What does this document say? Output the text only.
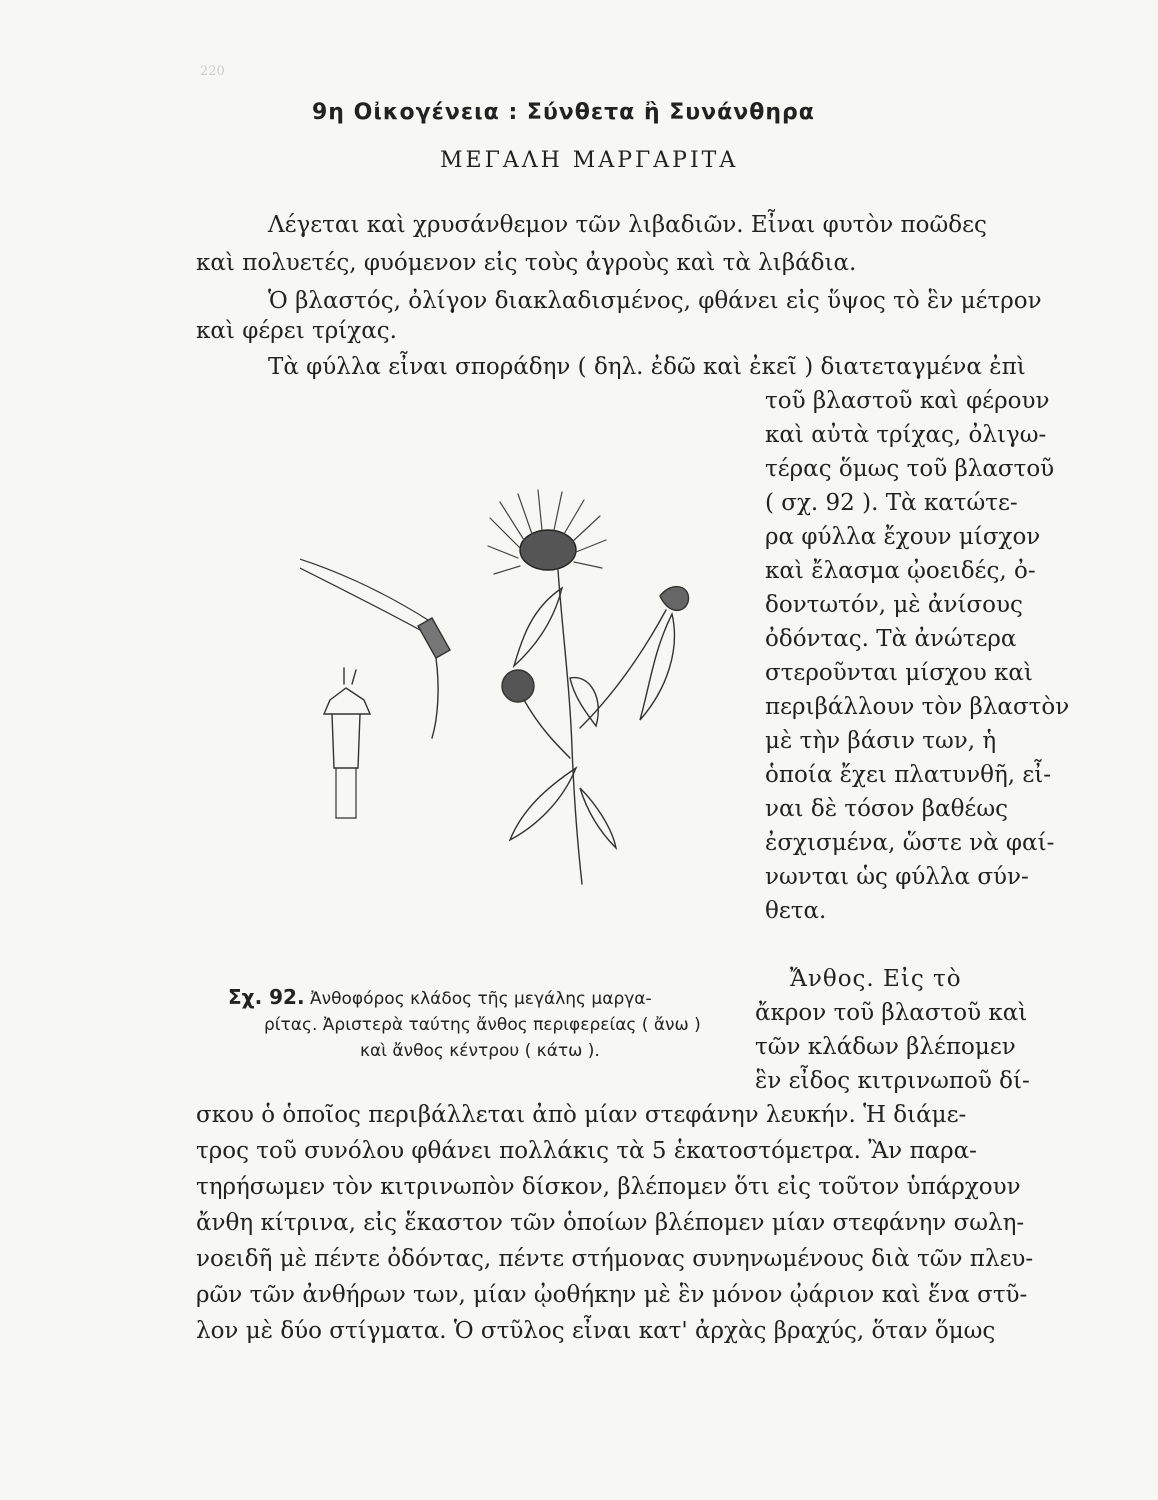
220
9η Οἰκογένεια : Σύνθετα ἢ Συνάνθηρα
ΜΕΓΑΛΗ ΜΑΡΓΑΡΙΤΑ
Λέγεται καὶ χρυσάνθεμον τῶν λιβαδιῶν. Εἶναι φυτὸν ποῶδες
καὶ πολυετές, φυόμενον εἰς τοὺς ἀγροὺς καὶ τὰ λιβάδια.
Ὁ βλαστός, ὀλίγον διακλαδισμένος, φθάνει εἰς ὕψος τὸ ἓν μέτρον
καὶ φέρει τρίχας.
Τὰ φύλλα εἶναι σποράδην ( δηλ. ἐδῶ καὶ ἐκεῖ ) διατεταγμένα ἐπὶ
τοῦ βλαστοῦ καὶ φέρουν
καὶ αὐτὰ τρίχας, ὀλιγω-
τέρας ὅμως τοῦ βλαστοῦ
( σχ. 92 ). Τὰ κατώτε-
ρα φύλλα ἔχουν μίσχον
καὶ ἔλασμα ᾠοειδές, ὀ-
δοντωτόν, μὲ ἀνίσους
ὀδόντας. Τὰ ἀνώτερα
στεροῦνται μίσχου καὶ
περιβάλλουν τὸν βλαστὸν
μὲ τὴν βάσιν των, ἡ
ὁποία ἔχει πλατυνθῆ, εἶ-
ναι δὲ τόσον βαθέως
ἐσχισμένα, ὥστε νὰ φαί-
νωνται ὡς φύλλα σύν-
θετα.
Ἄνθος. Εἰς τὸ
ἄκρον τοῦ βλαστοῦ καὶ
τῶν κλάδων βλέπομεν
ἓν εἶδος κιτρινωποῦ δί-
σκου ὁ ὁποῖος περιβάλλεται ἀπὸ μίαν στεφάνην λευκήν. Ἡ διάμε-
τρος τοῦ συνόλου φθάνει πολλάκις τὰ 5 ἑκατοστόμετρα. Ἂν παρα-
τηρήσωμεν τὸν κιτρινωπὸν δίσκον, βλέπομεν ὅτι εἰς τοῦτον ὑπάρχουν
ἄνθη κίτρινα, εἰς ἕκαστον τῶν ὁποίων βλέπομεν μίαν στεφάνην σωλη-
νοειδῆ μὲ πέντε ὀδόντας, πέντε στήμονας συνηνωμένους διὰ τῶν πλευ-
ρῶν τῶν ἀνθήρων των, μίαν ᾠοθήκην μὲ ἓν μόνον ᾠάριον καὶ ἕνα στῦ-
λον μὲ δύο στίγματα. Ὁ στῦλος εἶναι κατ' ἀρχὰς βραχύς, ὅταν ὅμως
Σχ. 92. Ἀνθοφόρος κλάδος τῆς μεγάλης μαργα-
ρίτας. Ἀριστερὰ ταύτης ἄνθος περιφερείας ( ἄνω )
καὶ ἄνθος κέντρου ( κάτω ).
